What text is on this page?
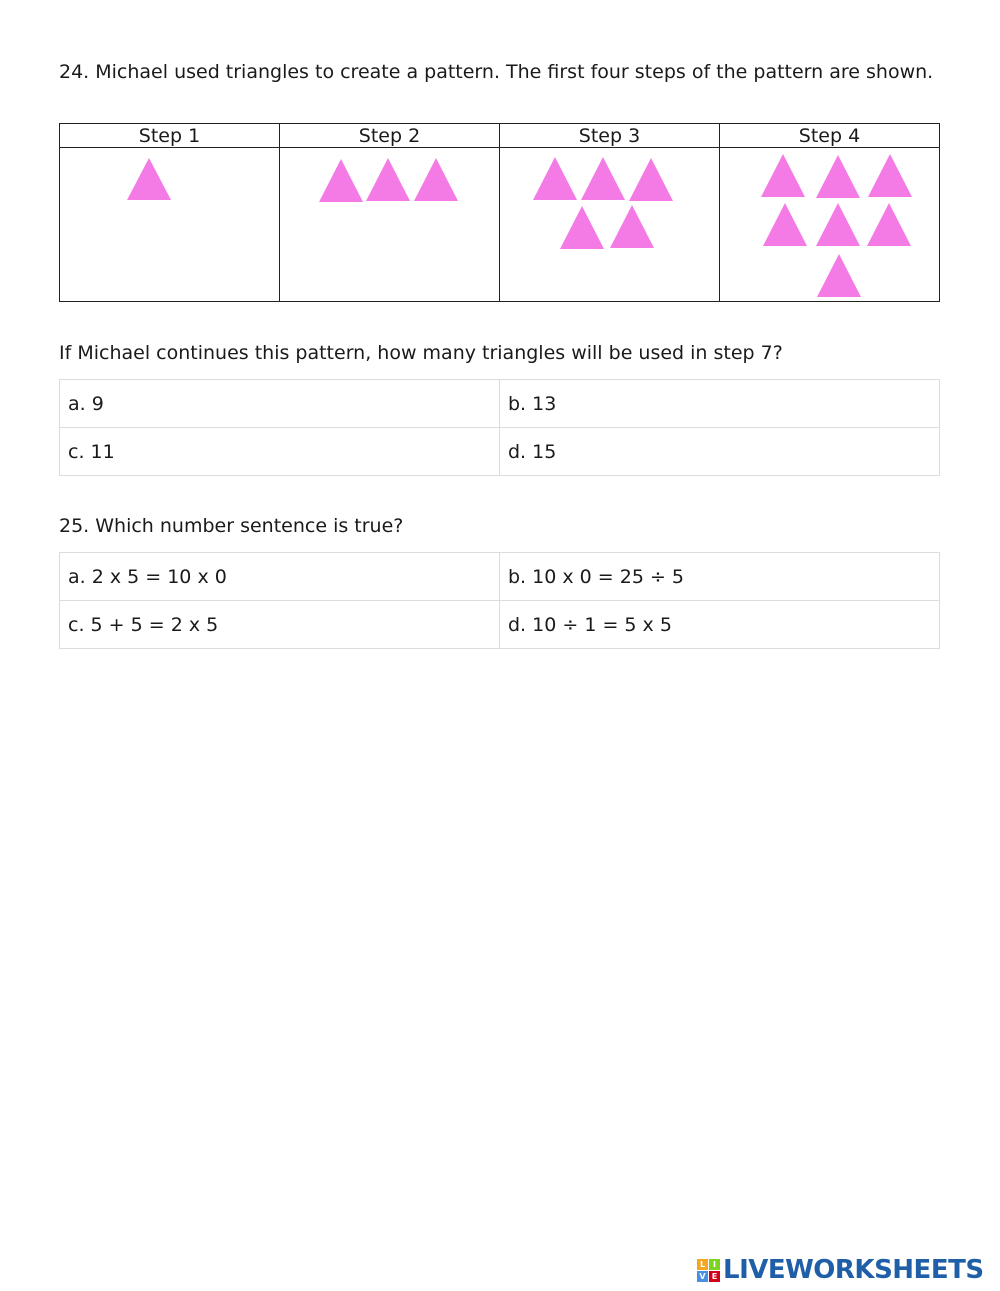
24. Michael used triangles to create a pattern. The first four steps of the pattern are shown.

Step 1	Step 2	Step 3	Step 4

If Michael continues this pattern, how many triangles will be used in step 7?

a. 9	b. 13
c. 11	d. 15

25. Which number sentence is true?

a. 2 x 5 = 10 x 0	b. 10 x 0 = 25 ÷ 5
c. 5 + 5 = 2 x 5	d. 10 ÷ 1 = 5 x 5
L I
V E LIVEWORKSHEETS
